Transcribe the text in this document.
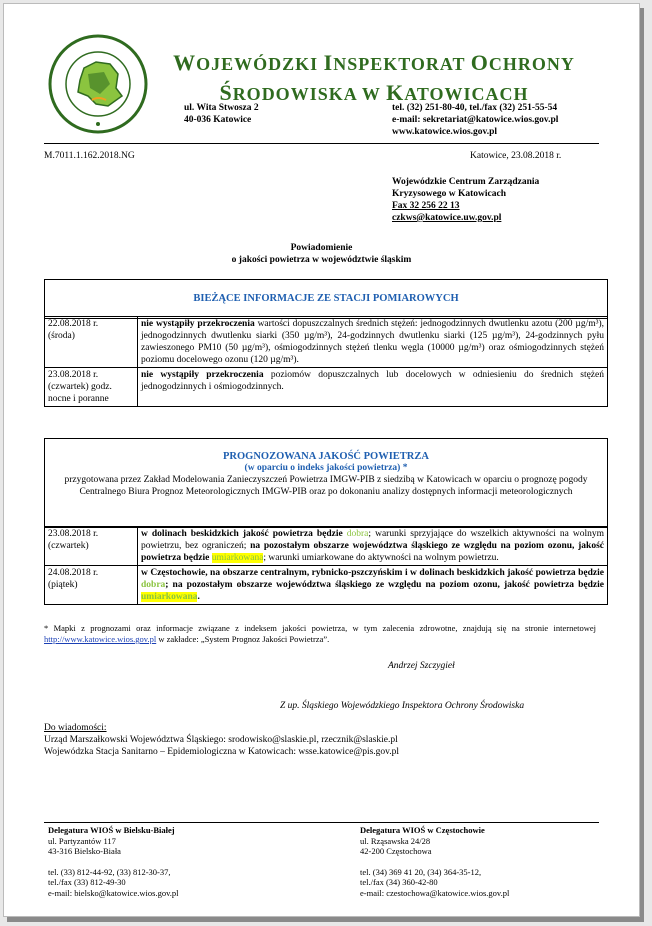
WOJEWÓDZKI INSPEKTORAT OCHRONY
ŚRODOWISKA W KATOWICACH
ul. Wita Stwosza 2
40-036 Katowice
tel. (32) 251-80-40, tel./fax (32) 251-55-54
e-mail: sekretariat@katowice.wios.gov.pl
www.katowice.wios.gov.pl
M.7011.1.162.2018.NG	Katowice, 23.08.2018 r.
Wojewódzkie Centrum Zarządzania
Kryzysowego w Katowicach
Fax 32 256 22 13
czkws@katowice.uw.gov.pl
Powiadomienie
o jakości powietrza w województwie śląskim
BIEŻĄCE INFORMACJE ZE STACJI POMIAROWYCH
22.08.2018 r.
(środa)	nie wystąpiły przekroczenia wartości dopuszczalnych średnich stężeń: jednogodzinnych dwutlenku azotu (200 µg/m³), jednogodzinnych dwutlenku siarki (350 µg/m³), 24-godzinnych dwutlenku siarki (125 µg/m³), 24-godzinnych pyłu zawieszonego PM10 (50 µg/m³), ośmiogodzinnych stężeń tlenku węgla (10000 µg/m³) oraz ośmiogodzinnych stężeń poziomu docelowego ozonu (120 µg/m³).

23.08.2018 r.
(czwartek) godz. nocne i poranne	nie wystąpiły przekroczenia poziomów dopuszczalnych lub docelowych w odniesieniu do średnich stężeń jednogodzinnych i ośmiogodzinnych.
PROGNOZOWANA JAKOŚĆ POWIETRZA
(w oparciu o indeks jakości powietrza) *
przygotowana przez Zakład Modelowania Zanieczyszczeń Powietrza IMGW-PIB z siedzibą w Katowicach w oparciu o prognozę pogody Centralnego Biura Prognoz Meteorologicznych IMGW-PIB oraz po dokonaniu analizy dostępnych informacji meteorologicznych
23.08.2018 r.
(czwartek)	w dolinach beskidzkich jakość powietrza będzie dobra; warunki sprzyjające do wszelkich aktywności na wolnym powietrzu, bez ograniczeń; na pozostałym obszarze województwa śląskiego ze względu na poziom ozonu, jakość powietrza będzie umiarkowana; warunki umiarkowane do aktywności na wolnym powietrzu.

24.08.2018 r.
(piątek)	w Częstochowie, na obszarze centralnym, rybnicko-pszczyńskim i w dolinach beskidzkich jakość powietrza będzie dobra; na pozostałym obszarze województwa śląskiego ze względu na poziom ozonu, jakość powietrza będzie umiarkowana.
* Mapki z prognozami oraz informacje związane z indeksem jakości powietrza, w tym zalecenia zdrowotne, znajdują się na stronie internetowej http://www.katowice.wios.gov.pl w zakładce: „System Prognoz Jakości Powietrza”.
Andrzej Szczygieł
Z up. Śląskiego Wojewódzkiego Inspektora Ochrony Środowiska
Do wiadomości:
Urząd Marszałkowski Województwa Śląskiego: srodowisko@slaskie.pl, rzecznik@slaskie.pl
Wojewódzka Stacja Sanitarno – Epidemiologiczna w Katowicach: wsse.katowice@pis.gov.pl
Delegatura WIOŚ w Bielsku-Białej
ul. Partyzantów 117
43-316 Bielsko-Biała
tel. (33) 812-44-92, (33) 812-30-37,
tel./fax (33) 812-49-30
e-mail: bielsko@katowice.wios.gov.pl
Delegatura WIOŚ w Częstochowie
ul. Rząsawska 24/28
42-200 Częstochowa
tel. (34) 369 41 20, (34) 364-35-12,
tel./fax (34) 360-42-80
e-mail: czestochowa@katowice.wios.gov.pl
